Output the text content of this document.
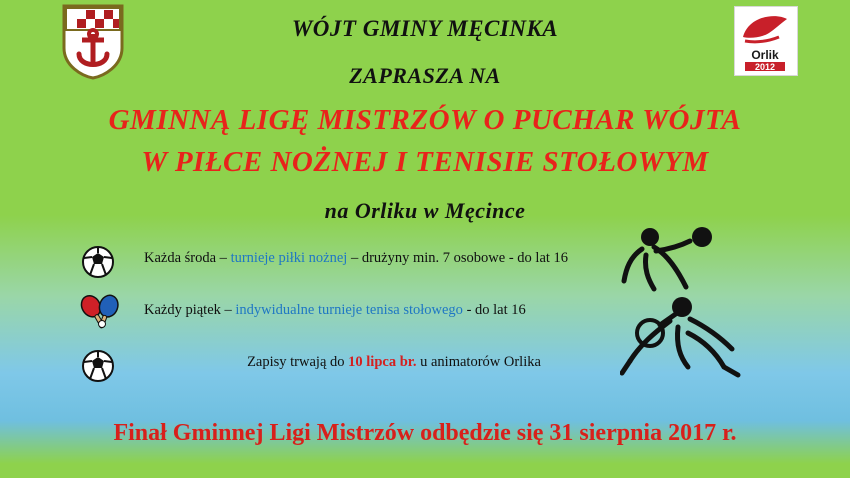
Orlik
2012
WÓJT GMINY MĘCINKA
ZAPRASZA NA
GMINNĄ LIGĘ MISTRZÓW O PUCHAR WÓJTA
W PIŁCE NOŻNEJ I TENISIE STOŁOWYM
na Orliku w Męcince
Każda środa – turnieje piłki nożnej – drużyny min. 7 osobowe - do lat 16
Każdy piątek – indywidualne turnieje tenisa stołowego - do lat 16
Zapisy trwają do 10 lipca br. u animatorów Orlika
Finał Gminnej Ligi Mistrzów odbędzie się 31 sierpnia 2017 r.
